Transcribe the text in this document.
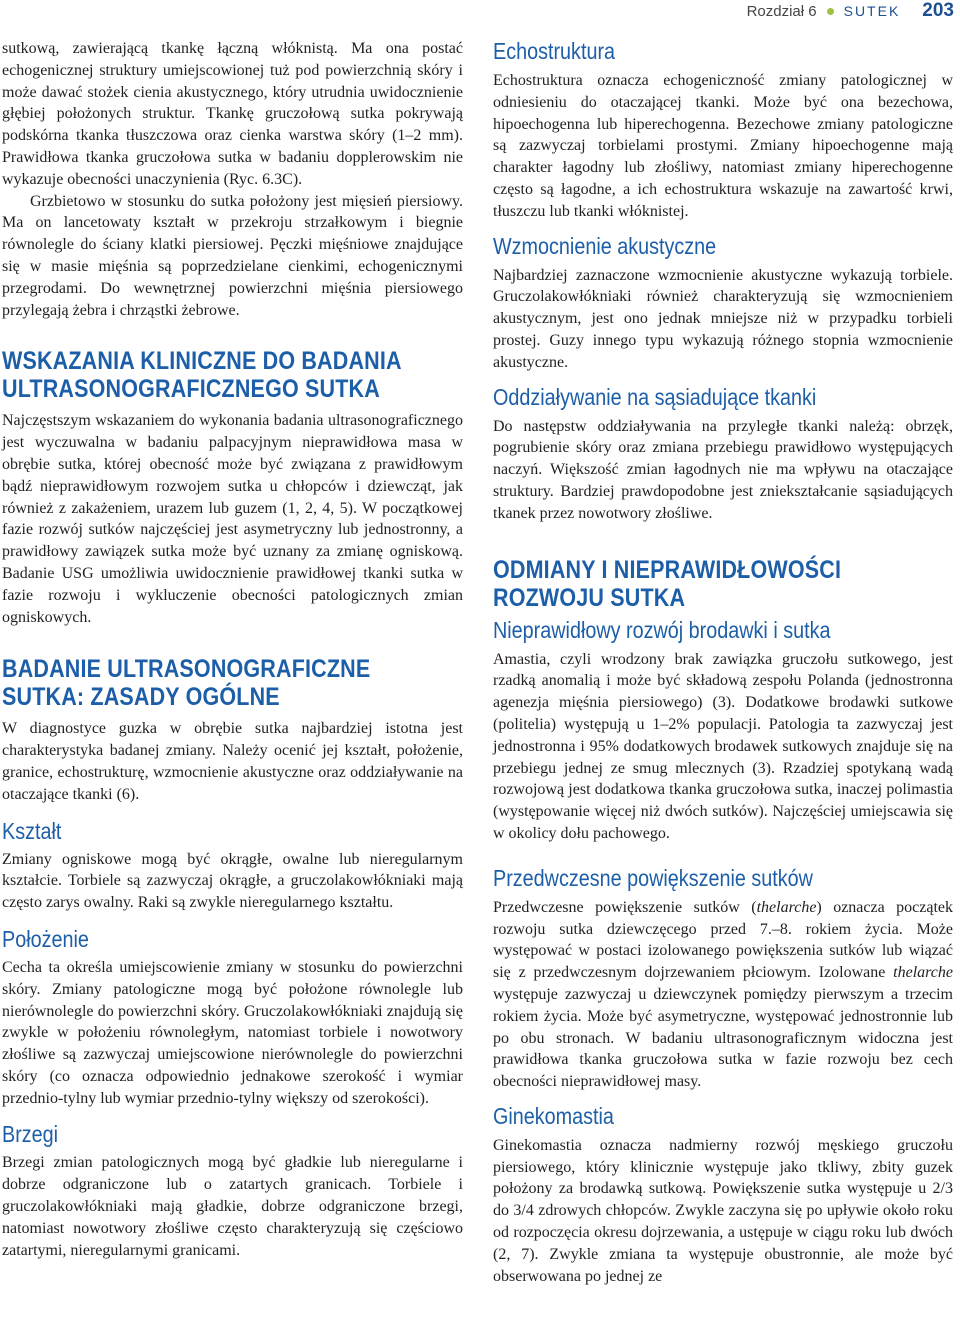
Rozdział 6 SUTEK 203

sutkową, zawierającą tkankę łączną włóknistą. Ma ona postać echogenicznej struktury umiejscowionej tuż pod powierzchnią skóry i może dawać stożek cienia akustycznego, który utrudnia uwidocznienie głębiej położonych struktur. Tkankę gruczołową sutka pokrywają podskórna tkanka tłuszczowa oraz cienka warstwa skóry (1–2 mm). Prawidłowa tkanka gruczołowa sutka w badaniu dopplerowskim nie wykazuje obecności unaczynienia (Ryc. 6.3C).

Grzbietowo w stosunku do sutka położony jest mięsień piersiowy. Ma on lancetowaty kształt w przekroju strzałkowym i biegnie równolegle do ściany klatki piersiowej. Pęczki mięśniowe znajdujące się w masie mięśnia są poprzedzielane cienkimi, echogenicznymi przegrodami. Do wewnętrznej powierzchni mięśnia piersiowego przylegają żebra i chrząstki żebrowe.

WSKAZANIA KLINICZNE DO BADANIA
ULTRASONOGRAFICZNEGO SUTKA

Najczęstszym wskazaniem do wykonania badania ultrasonograficznego jest wyczuwalna w badaniu palpacyjnym nieprawidłowa masa w obrębie sutka, której obecność może być związana z prawidłowym bądź nieprawidłowym rozwojem sutka u chłopców i dziewcząt, jak również z zakażeniem, urazem lub guzem (1, 2, 4, 5). W początkowej fazie rozwój sutków najczęściej jest asymetryczny lub jednostronny, a prawidłowy zawiązek sutka może być uznany za zmianę ogniskową. Badanie USG umożliwia uwidocznienie prawidłowej tkanki sutka w fazie rozwoju i wykluczenie obecności patologicznych zmian ogniskowych.

BADANIE ULTRASONOGRAFICZNE
SUTKA: ZASADY OGÓLNE

W diagnostyce guzka w obrębie sutka najbardziej istotna jest charakterystyka badanej zmiany. Należy ocenić jej kształt, położenie, granice, echostrukturę, wzmocnienie akustyczne oraz oddziaływanie na otaczające tkanki (6).

Kształt

Zmiany ogniskowe mogą być okrągłe, owalne lub nieregularnym kształcie. Torbiele są zazwyczaj okrągłe, a gruczolakowłókniaki mają często zarys owalny. Raki są zwykle nieregularnego kształtu.

Położenie

Cecha ta określa umiejscowienie zmiany w stosunku do powierzchni skóry. Zmiany patologiczne mogą być położone równolegle lub nierównolegle do powierzchni skóry. Gruczolakowłókniaki znajdują się zwykle w położeniu równoległym, natomiast torbiele i nowotwory złośliwe są zazwyczaj umiejscowione nierównolegle do powierzchni skóry (co oznacza odpowiednio jednakowe szerokość i wymiar przednio-tylny lub wymiar przednio-tylny większy od szerokości).

Brzegi

Brzegi zmian patologicznych mogą być gładkie lub nieregularne i dobrze odgraniczone lub o zatartych granicach. Torbiele i gruczolakowłókniaki mają gładkie, dobrze odgraniczone brzegi, natomiast nowotwory złośliwe często charakteryzują się częściowo zatartymi, nieregularnymi granicami.

Echostruktura

Echostruktura oznacza echogeniczność zmiany patologicznej w odniesieniu do otaczającej tkanki. Może być ona bezechowa, hipoechogenna lub hiperechogenna. Bezechowe zmiany patologiczne są zazwyczaj torbielami prostymi. Zmiany hipoechogenne mają charakter łagodny lub złośliwy, natomiast zmiany hiperechogenne często są łagodne, a ich echostruktura wskazuje na zawartość krwi, tłuszczu lub tkanki włóknistej.

Wzmocnienie akustyczne

Najbardziej zaznaczone wzmocnienie akustyczne wykazują torbiele. Gruczolakowłókniaki również charakteryzują się wzmocnieniem akustycznym, jest ono jednak mniejsze niż w przypadku torbieli prostej. Guzy innego typu wykazują różnego stopnia wzmocnienie akustyczne.

Oddziaływanie na sąsiadujące tkanki

Do następstw oddziaływania na przyległe tkanki należą: obrzęk, pogrubienie skóry oraz zmiana przebiegu prawidłowo występujących naczyń. Większość zmian łagodnych nie ma wpływu na otaczające struktury. Bardziej prawdopodobne jest zniekształcanie sąsiadujących tkanek przez nowotwory złośliwe.

ODMIANY I NIEPRAWIDŁOWOŚCI
ROZWOJU SUTKA
Nieprawidłowy rozwój brodawki i sutka

Amastia, czyli wrodzony brak zawiązka gruczołu sutkowego, jest rzadką anomalią i może być składową zespołu Polanda (jednostronna agenezja mięśnia piersiowego) (3). Dodatkowe brodawki sutkowe (politelia) występują u 1–2% populacji. Patologia ta zazwyczaj jest jednostronna i 95% dodatkowych brodawek sutkowych znajduje się na przebiegu jednej ze smug mlecznych (3). Rzadziej spotykaną wadą rozwojową jest dodatkowa tkanka gruczołowa sutka, inaczej polimastia (występowanie więcej niż dwóch sutków). Najczęściej umiejscawia się w okolicy dołu pachowego.

Przedwczesne powiększenie sutków

Przedwczesne powiększenie sutków (thelarche) oznacza początek rozwoju sutka dziewczęcego przed 7.–8. rokiem życia. Może występować w postaci izolowanego powiększenia sutków lub wiązać się z przedwczesnym dojrzewaniem płciowym. Izolowane thelarche występuje zazwyczaj u dziewczynek pomiędzy pierwszym a trzecim rokiem życia. Może być asymetryczne, występować jednostronnie lub po obu stronach. W badaniu ultrasonograficznym widoczna jest prawidłowa tkanka gruczołowa sutka w fazie rozwoju bez cech obecności nieprawidłowej masy.

Ginekomastia

Ginekomastia oznacza nadmierny rozwój męskiego gruczołu piersiowego, który klinicznie występuje jako tkliwy, zbity guzek położony za brodawką sutkową. Powiększenie sutka występuje u 2/3 do 3/4 zdrowych chłopców. Zwykle zaczyna się po upływie około roku od rozpoczęcia okresu dojrzewania, a ustępuje w ciągu roku lub dwóch (2, 7). Zwykle zmiana ta występuje obustronnie, ale może być obserwowana po jednej ze
